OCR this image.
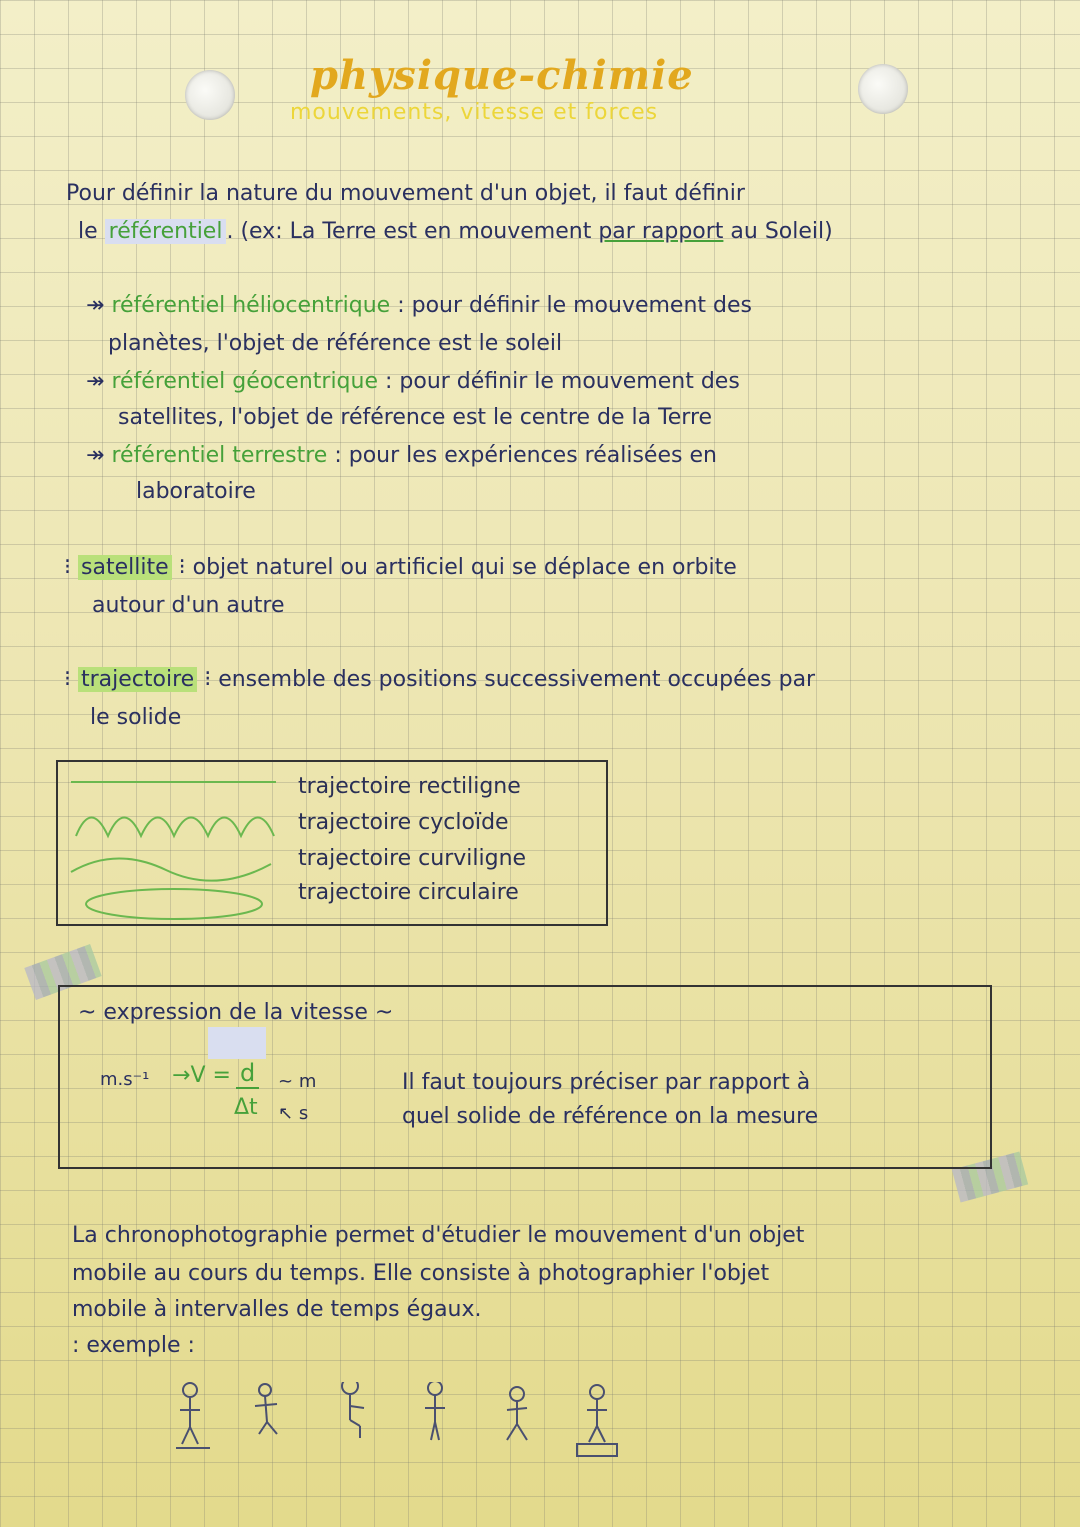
physique-chimie
mouvements, vitesse et forces
Pour définir la nature du mouvement d'un objet, il faut définir
le référentiel . (ex: La Terre est en mouvement par rapport au Soleil)
↠ référentiel héliocentrique : pour définir le mouvement des
planètes, l'objet de référence est le soleil
↠ référentiel géocentrique : pour définir le mouvement des
satellites, l'objet de référence est le centre de la Terre
↠ référentiel terrestre : pour les expériences réalisées en
laboratoire
⁝ satellite ⁝ objet naturel ou artificiel qui se déplace en orbite
autour d'un autre
⁝ trajectoire ⁝ ensemble des positions successivement occupées par
le solide
trajectoire rectiligne
trajectoire cycloïde
trajectoire curviligne
trajectoire circulaire
~ expression de la vitesse ~
m.s⁻¹ →V = d
Δt
~ m
↖ s
Il faut toujours préciser par rapport à
quel solide de référence on la mesure
La chronophotographie permet d'étudier le mouvement d'un objet
mobile au cours du temps. Elle consiste à photographier l'objet
mobile à intervalles de temps égaux.
: exemple :
